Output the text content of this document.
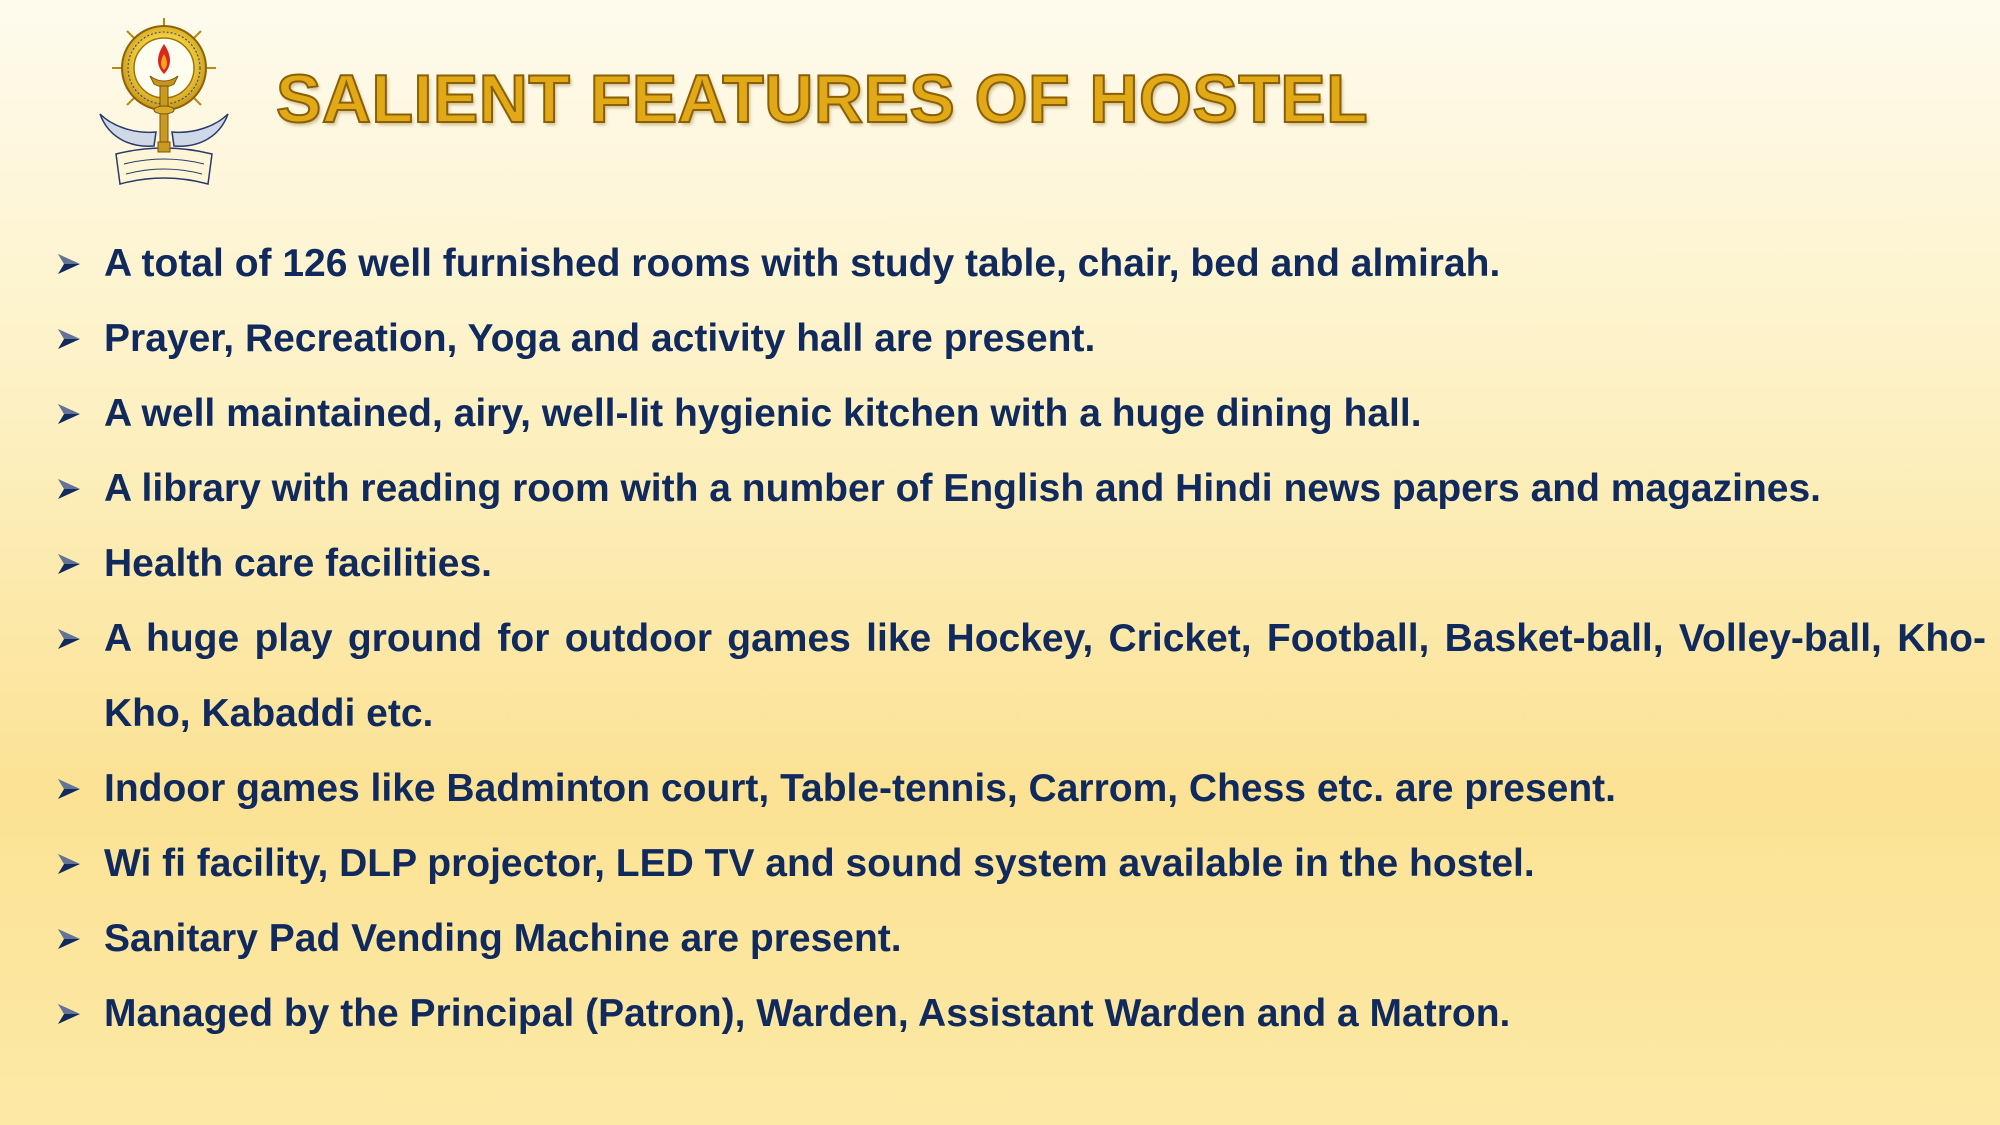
SALIENT FEATURES OF HOSTEL
A total of 126 well furnished rooms with study table, chair, bed and almirah.
Prayer, Recreation, Yoga and activity hall are present.
A well maintained, airy, well-lit hygienic kitchen with a huge dining hall.
A library with reading room with a number of English and Hindi news papers and magazines.
Health care facilities.
A huge play ground for outdoor games like Hockey, Cricket, Football, Basket-ball, Volley-ball, Kho-Kho, Kabaddi etc.
Indoor games like Badminton court, Table-tennis, Carrom, Chess etc. are present.
Wi fi facility, DLP projector, LED TV and sound system available in the hostel.
Sanitary Pad Vending Machine are present.
Managed by the Principal (Patron), Warden, Assistant Warden and a Matron.
